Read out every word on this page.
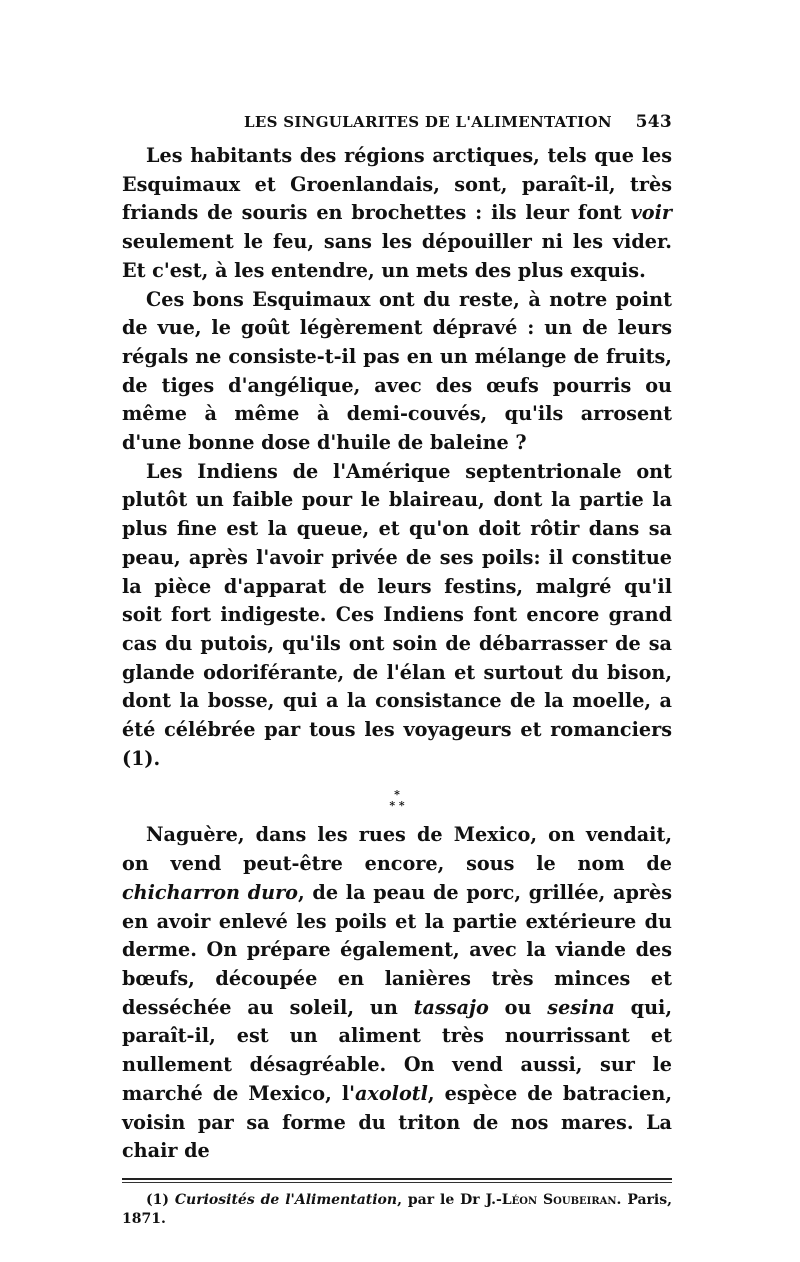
LES SINGULARITES DE L'ALIMENTATION 543

Les habitants des régions arctiques, tels que les Esquimaux et Groenlandais, sont, paraît-il, très friands de souris en brochettes : ils leur font voir seulement le feu, sans les dépouiller ni les vider. Et c'est, à les entendre, un mets des plus exquis.

Ces bons Esquimaux ont du reste, à notre point de vue, le goût légèrement dépravé : un de leurs régals ne consiste-t-il pas en un mélange de fruits, de tiges d'angélique, avec des œufs pourris ou même à même à demi-couvés, qu'ils arrosent d'une bonne dose d'huile de baleine ?

Les Indiens de l'Amérique septentrionale ont plutôt un faible pour le blaireau, dont la partie la plus fine est la queue, et qu'on doit rôtir dans sa peau, après l'avoir privée de ses poils: il constitue la pièce d'apparat de leurs festins, malgré qu'il soit fort indigeste. Ces Indiens font encore grand cas du putois, qu'ils ont soin de débarrasser de sa glande odoriférante, de l'élan et surtout du bison, dont la bosse, qui a la consistance de la moelle, a été célébrée par tous les voyageurs et romanciers (1).

*
* *

Naguère, dans les rues de Mexico, on vendait, on vend peut-être encore, sous le nom de chicharron duro, de la peau de porc, grillée, après en avoir enlevé les poils et la partie extérieure du derme. On prépare également, avec la viande des bœufs, découpée en lanières très minces et desséchée au soleil, un tassajo ou sesina qui, paraît-il, est un aliment très nourrissant et nullement désagréable. On vend aussi, sur le marché de Mexico, l'axolotl, espèce de batracien, voisin par sa forme du triton de nos mares. La chair de

(1) Curiosités de l'Alimentation, par le Dr J.-Léon Soubeiran. Paris, 1871.
